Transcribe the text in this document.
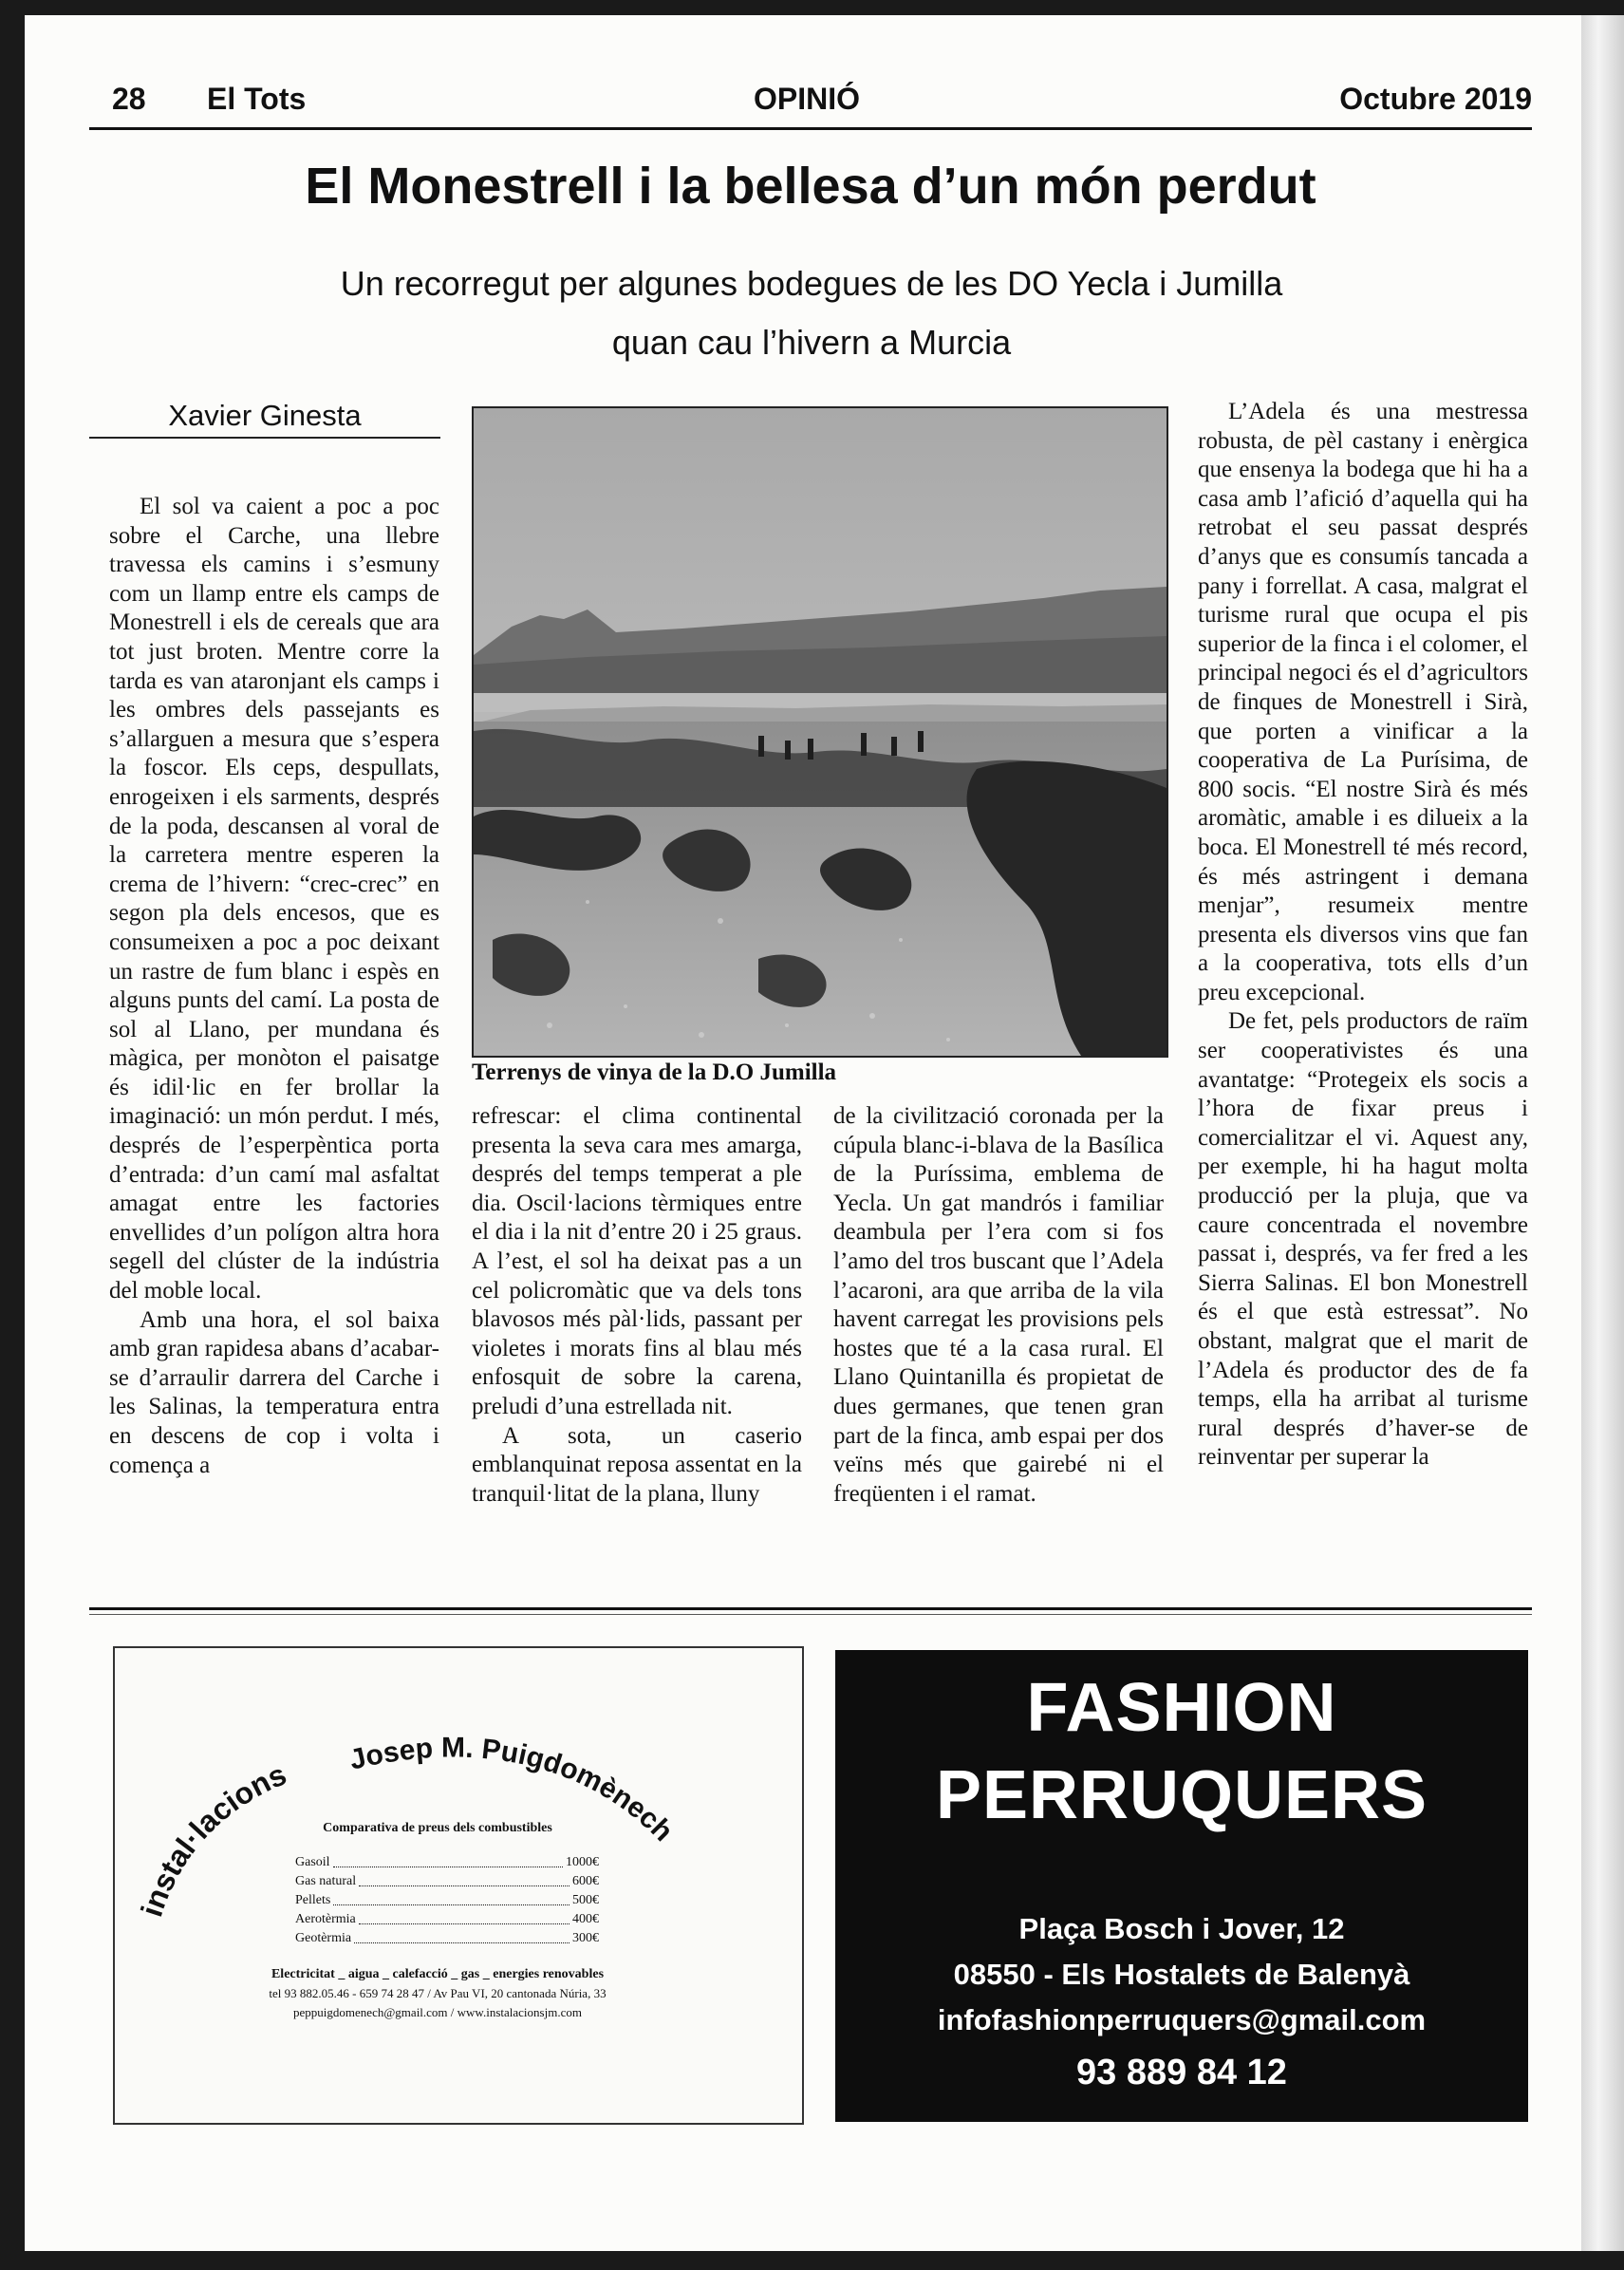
28 El Tots	OPINIÓ	Octubre 2019
El Monestrell i la bellesa d’un món perdut
Un recorregut per algunes bodegues de les DO Yecla i Jumilla
quan cau l’hivern a Murcia
Xavier Ginesta

El sol va caient a poc a poc sobre el Carche, una llebre travessa els camins i s’esmuny com un llamp entre els camps de Monestrell i els de cereals que ara tot just broten. Mentre corre la tarda es van ataronjant els camps i les ombres dels passejants es s’allarguen a mesura que s’espera la foscor. Els ceps, despullats, enrogeixen i els sarments, després de la poda, descansen al voral de la carretera mentre esperen la crema de l’hivern: “crec-crec” en segon pla dels encesos, que es consumeixen a poc a poc deixant un rastre de fum blanc i espès en alguns punts del camí. La posta de sol al Llano, per mundana és màgica, per monòton el paisatge és idil·lic en fer brollar la imaginació: un món perdut. I més, després de l’esperpèntica porta d’entrada: d’un camí mal asfaltat amagat entre les factories envellides d’un polígon altra hora segell del clúster de la indústria del moble local.

Amb una hora, el sol baixa amb gran rapidesa abans d’acabar-se d’arraulir darrera del Carche i les Salinas, la temperatura entra en descens de cop i volta i comença a

Terrenys de vinya de la D.O Jumilla

refrescar: el clima continental presenta la seva cara mes amarga, després del temps temperat a ple dia. Oscil·lacions tèrmiques entre el dia i la nit d’entre 20 i 25 graus. A l’est, el sol ha deixat pas a un cel policromàtic que va dels tons blavosos més pàl·lids, passant per violetes i morats fins al blau més enfosquit de sobre la carena, preludi d’una estrellada nit.

A sota, un caserio emblanquinat reposa assentat en la tranquil·litat de la plana, lluny

de la civilització coronada per la cúpula blanc-i-blava de la Basílica de la Puríssima, emblema de Yecla. Un gat mandrós i familiar deambula per l’era com si fos l’amo del tros buscant que l’Adela l’acaroni, ara que arriba de la vila havent carregat les provisions pels hostes que té a la casa rural. El Llano Quintanilla és propietat de dues germanes, que tenen gran part de la finca, amb espai per dos veïns més que gairebé ni el freqüenten i el ramat.

L’Adela és una mestressa robusta, de pèl castany i enèrgica que ensenya la bodega que hi ha a casa amb l’afició d’aquella qui ha retrobat el seu passat després d’anys que es consumís tancada a pany i forrellat. A casa, malgrat el turisme rural que ocupa el pis superior de la finca i el colomer, el principal negoci és el d’agricultors de finques de Monestrell i Sirà, que porten a vinificar a la cooperativa de La Purísima, de 800 socis. “El nostre Sirà és més aromàtic, amable i es dilueix a la boca. El Monestrell té més record, és més astringent i demana menjar”, resumeix mentre presenta els diversos vins que fan a la cooperativa, tots ells d’un preu excepcional.

De fet, pels productors de raïm ser cooperativistes és una avantatge: “Protegeix els socis a l’hora de fixar preus i comercialitzar el vi. Aquest any, per exemple, hi ha hagut molta producció per la pluja, que va caure concentrada el novembre passat i, després, va fer fred a les Sierra Salinas. El bon Monestrell és el que està estressat”. No obstant, malgrat que el marit de l’Adela és productor des de fa temps, ella ha arribat al turisme rural després d’haver-se de reinventar per superar la

instal·lacions Josep M. Puigdomènech
Comparativa de preus dels combustibles
Gasoil	1000€
Gas natural	600€
Pellets	500€
Aerotèrmia	400€
Geotèrmia	300€
Electricitat _ aigua _ calefacció _ gas _ energies renovables
tel 93 882.05.46 - 659 74 28 47 / Av Pau VI, 20 cantonada Núria, 33
peppuigdomenech@gmail.com / www.instalacionsjm.com
FASHION
PERRUQUERS
Plaça Bosch i Jover, 12
08550 - Els Hostalets de Balenyà
infofashionperruquers@gmail.com
93 889 84 12
